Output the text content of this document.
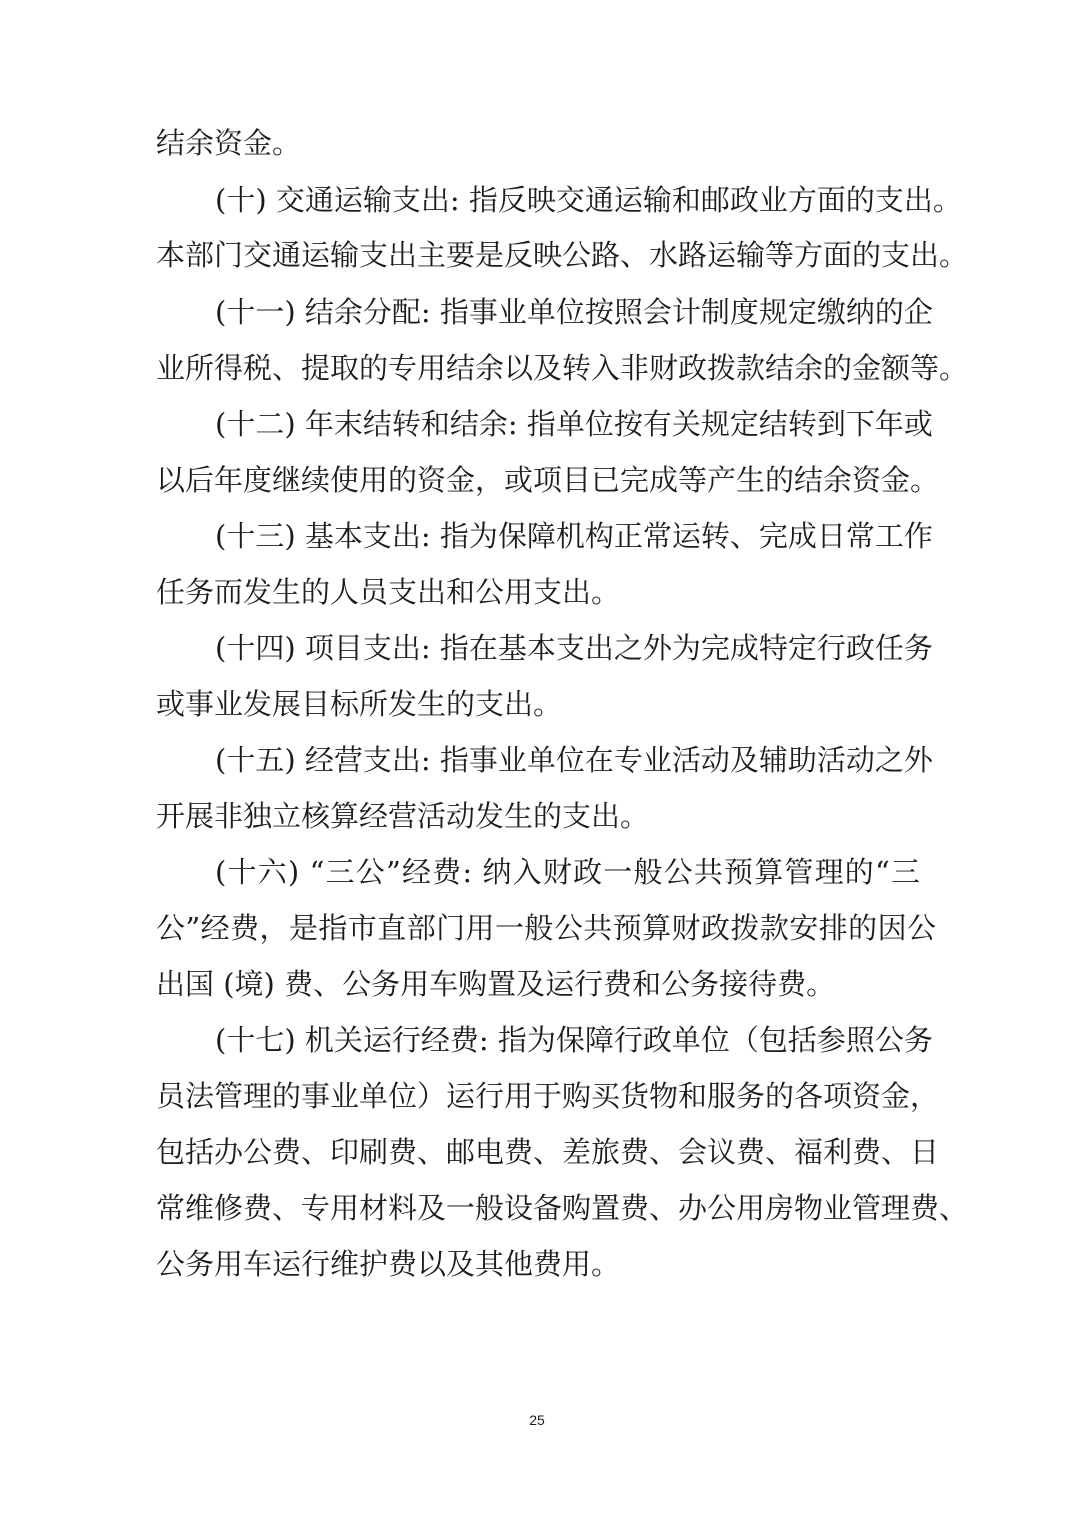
结余资金。
(十) 交通运输支出: 指反映交通运输和邮政业方面的支出。
本部门交通运输支出主要是反映公路、水路运输等方面的支出。
(十一) 结余分配: 指事业单位按照会计制度规定缴纳的企
业所得税、提取的专用结余以及转入非财政拨款结余的金额等。
(十二) 年末结转和结余: 指单位按有关规定结转到下年或
以后年度继续使用的资金，或项目已完成等产生的结余资金。
(十三) 基本支出: 指为保障机构正常运转、完成日常工作
任务而发生的人员支出和公用支出。
(十四) 项目支出: 指在基本支出之外为完成特定行政任务
或事业发展目标所发生的支出。
(十五) 经营支出: 指事业单位在专业活动及辅助活动之外
开展非独立核算经营活动发生的支出。
(十六) “三公”经费: 纳入财政一般公共预算管理的“三
公”经费，是指市直部门用一般公共预算财政拨款安排的因公
出国 (境) 费、公务用车购置及运行费和公务接待费。
(十七) 机关运行经费: 指为保障行政单位（包括参照公务
员法管理的事业单位）运行用于购买货物和服务的各项资金，
包括办公费、印刷费、邮电费、差旅费、会议费、福利费、日
常维修费、专用材料及一般设备购置费、办公用房物业管理费、
公务用车运行维护费以及其他费用。
25
